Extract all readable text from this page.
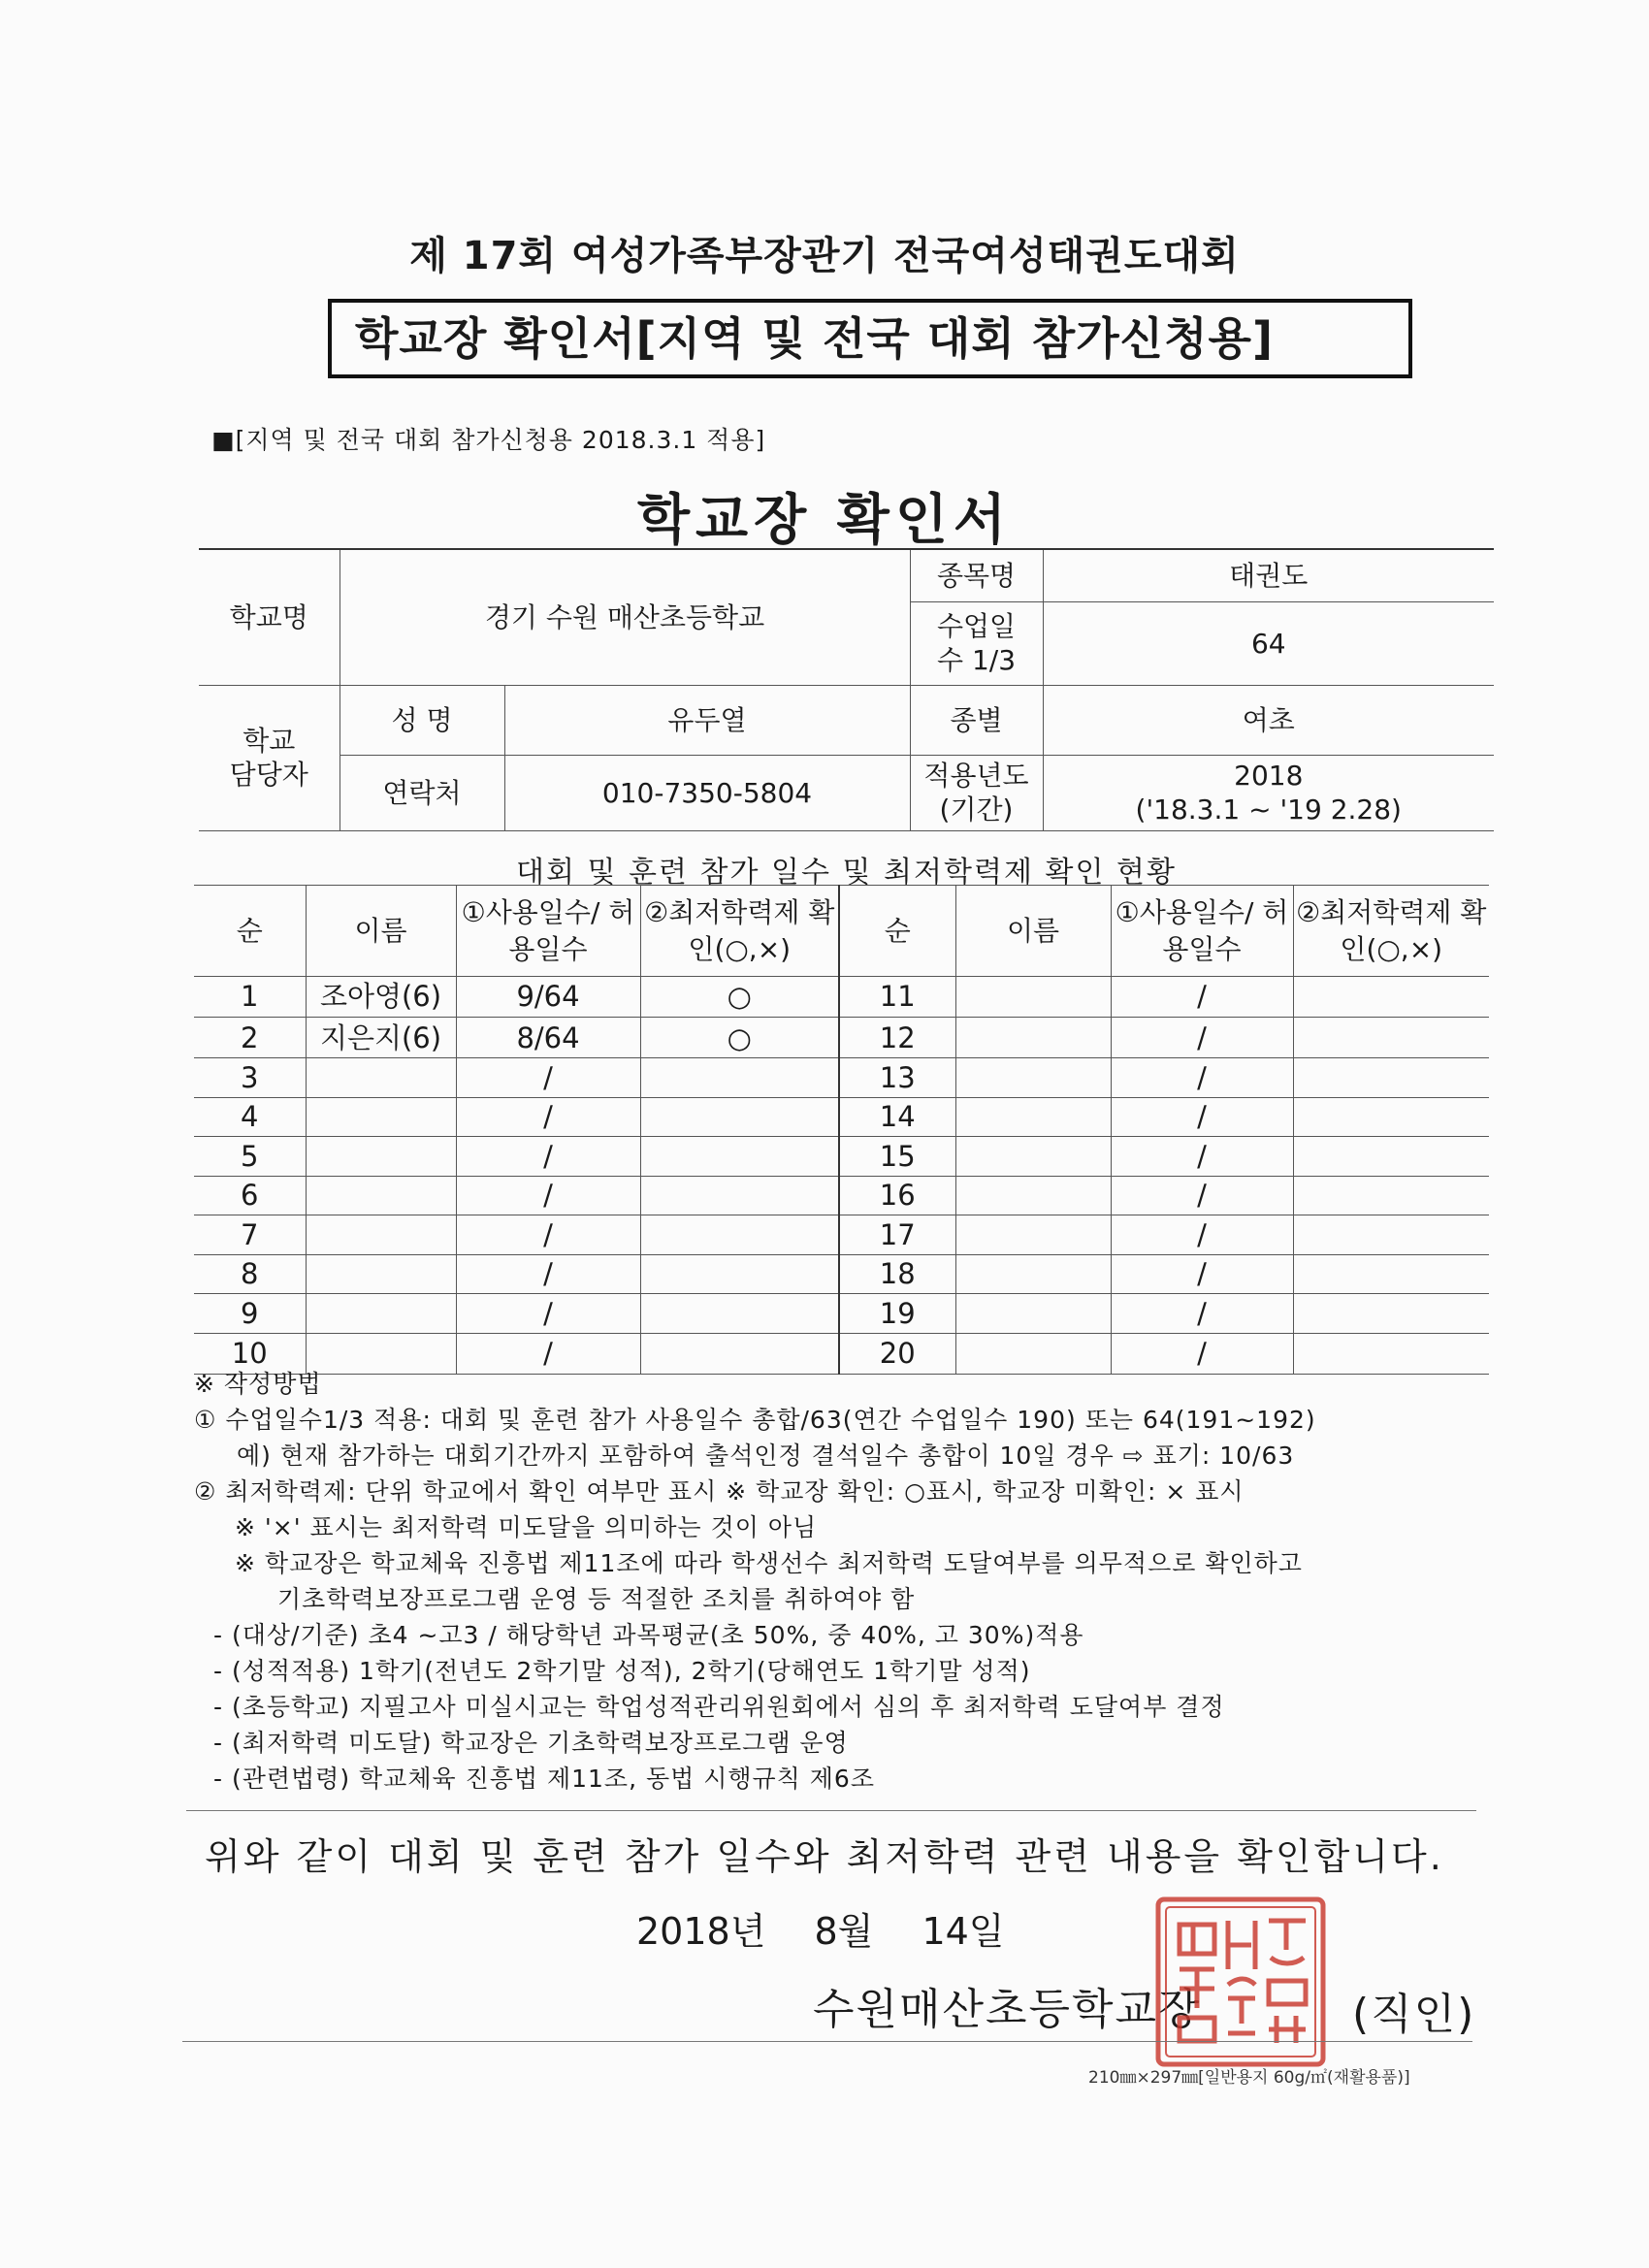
제 17회 여성가족부장관기 전국여성태권도대회
학교장 확인서[지역 및 전국 대회 참가신청용]
■[지역 및 전국 대회 참가신청용 2018.3.1 적용]
학교장 확인서
학교명	경기 수원 매산초등학교		종목명	태권도
			수업일수 1/3	64
학교 담당자	성 명	유두열	종별	여초
	연락처	010-7350-5804	적용년도 (기간)	2018
('18.3.1 ~ '19 2.28)
대회 및 훈련 참가 일수 및 최저학력제 확인 현황
순	이름	①사용일수/ 허용일수	②최저학력제 확인(○,×)	순	이름	①사용일수/ 허용일수	②최저학력제 확인(○,×)
1	조아영(6)	9/64	○	11		/	
2	지은지(6)	8/64	○	12		/	
3		/		13		/	
4		/		14		/	
5		/		15		/	
6		/		16		/	
7		/		17		/	
8		/		18		/	
9		/		19		/	
10		/		20		/	
※ 작성방법
① 수업일수1/3 적용: 대회 및 훈련 참가 사용일수 총합/63(연간 수업일수 190) 또는 64(191~192)
예) 현재 참가하는 대회기간까지 포함하여 출석인정 결석일수 총합이 10일 경우 ⇨ 표기: 10/63
② 최저학력제: 단위 학교에서 확인 여부만 표시 ※ 학교장 확인: ○표시, 학교장 미확인: × 표시
※ '×' 표시는 최저학력 미도달을 의미하는 것이 아님
※ 학교장은 학교체육 진흥법 제11조에 따라 학생선수 최저학력 도달여부를 의무적으로 확인하고
기초학력보장프로그램 운영 등 적절한 조치를 취하여야 함
- (대상/기준) 초4 ~고3 / 해당학년 과목평균(초 50%, 중 40%, 고 30%)적용
- (성적적용) 1학기(전년도 2학기말 성적), 2학기(당해연도 1학기말 성적)
- (초등학교) 지필고사 미실시교는 학업성적관리위원회에서 심의 후 최저학력 도달여부 결정
- (최저학력 미도달) 학교장은 기초학력보장프로그램 운영
- (관련법령) 학교체육 진흥법 제11조, 동법 시행규칙 제6조
위와 같이 대회 및 훈련 참가 일수와 최저학력 관련 내용을 확인합니다.
2018년 8월 14일
수원매산초등학교장	(직인)
210㎜×297㎜[일반용지 60g/㎡(재활용품)]
